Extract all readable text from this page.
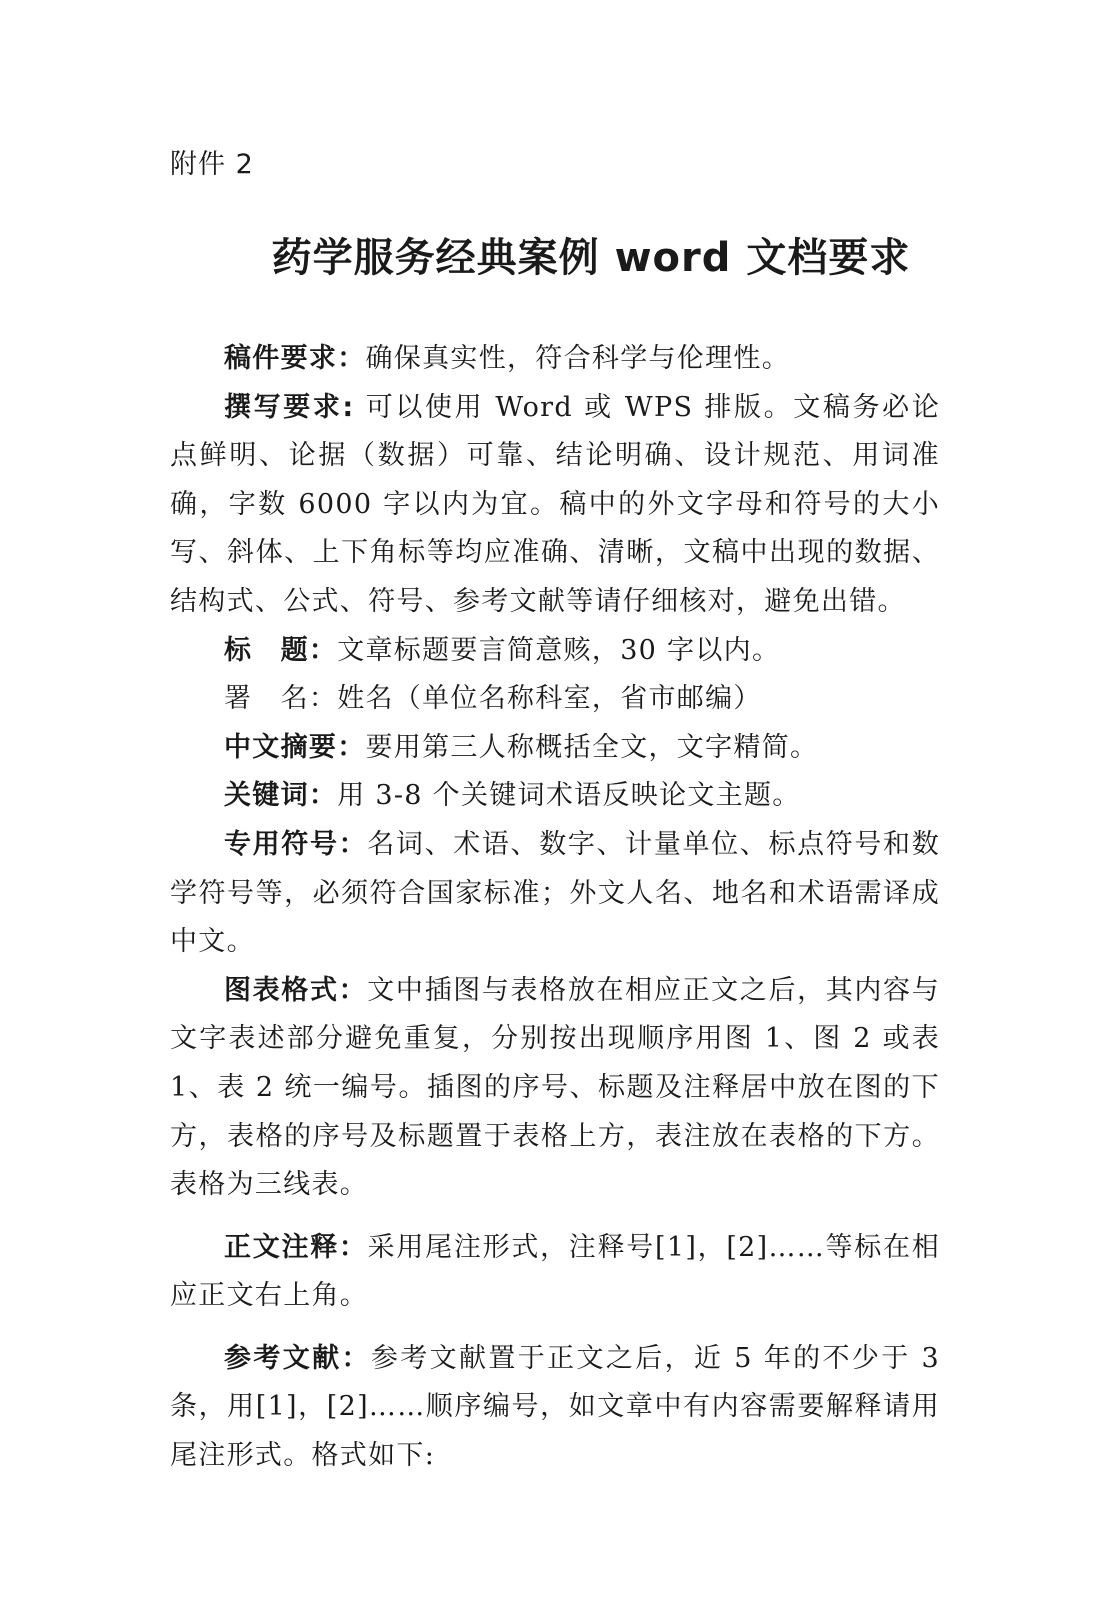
附件 2
药学服务经典案例 word 文档要求

稿件要求：确保真实性，符合科学与伦理性。

撰写要求: 可以使用 Word 或 WPS 排版。文稿务必论点鲜明、论据（数据）可靠、结论明确、设计规范、用词准确，字数 6000 字以内为宜。稿中的外文字母和符号的大小写、斜体、上下角标等均应准确、清晰，文稿中出现的数据、结构式、公式、符号、参考文献等请仔细核对，避免出错。

标　题：文章标题要言简意赅，30 字以内。

署　名：姓名（单位名称科室，省市邮编）

中文摘要：要用第三人称概括全文，文字精简。

关键词：用 3-8 个关键词术语反映论文主题。

专用符号：名词、术语、数字、计量单位、标点符号和数学符号等，必须符合国家标准；外文人名、地名和术语需译成中文。

图表格式：文中插图与表格放在相应正文之后，其内容与文字表述部分避免重复，分别按出现顺序用图 1、图 2 或表 1、表 2 统一编号。插图的序号、标题及注释居中放在图的下方，表格的序号及标题置于表格上方，表注放在表格的下方。表格为三线表。

正文注释：采用尾注形式，注释号[1]，[2]……等标在相应正文右上角。

参考文献：参考文献置于正文之后，近 5 年的不少于 3 条，用[1]，[2]……顺序编号，如文章中有内容需要解释请用尾注形式。格式如下:
